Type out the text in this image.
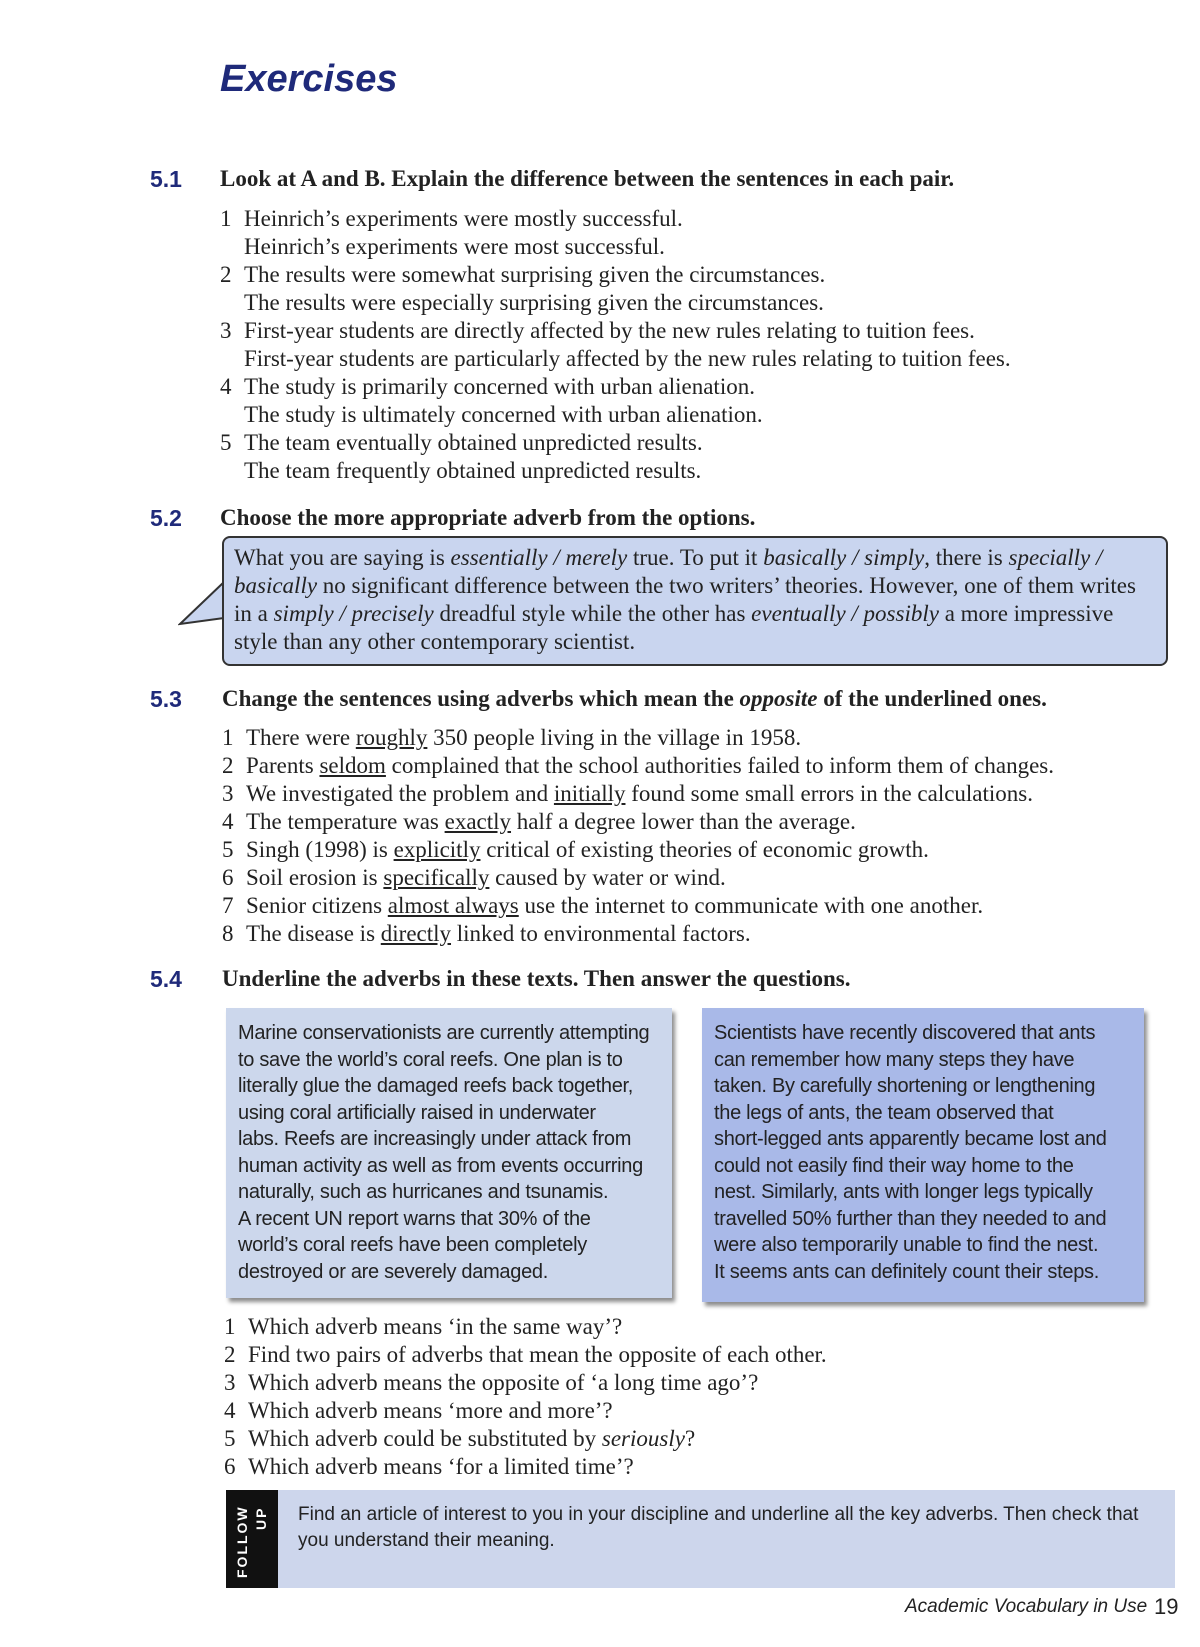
Exercises
5.1 Look at A and B. Explain the difference between the sentences in each pair.
1 Heinrich’s experiments were mostly successful.
Heinrich’s experiments were most successful.
2 The results were somewhat surprising given the circumstances.
The results were especially surprising given the circumstances.
3 First-year students are directly affected by the new rules relating to tuition fees.
First-year students are particularly affected by the new rules relating to tuition fees.
4 The study is primarily concerned with urban alienation.
The study is ultimately concerned with urban alienation.
5 The team eventually obtained unpredicted results.
The team frequently obtained unpredicted results.
5.2 Choose the more appropriate adverb from the options.
What you are saying is essentially / merely true. To put it basically / simply, there is specially / basically no significant difference between the two writers’ theories. However, one of them writes in a simply / precisely dreadful style while the other has eventually / possibly a more impressive style than any other contemporary scientist.
5.3 Change the sentences using adverbs which mean the opposite of the underlined ones.
1 There were roughly 350 people living in the village in 1958.
2 Parents seldom complained that the school authorities failed to inform them of changes.
3 We investigated the problem and initially found some small errors in the calculations.
4 The temperature was exactly half a degree lower than the average.
5 Singh (1998) is explicitly critical of existing theories of economic growth.
6 Soil erosion is specifically caused by water or wind.
7 Senior citizens almost always use the internet to communicate with one another.
8 The disease is directly linked to environmental factors.
5.4 Underline the adverbs in these texts. Then answer the questions.
Marine conservationists are currently attempting
to save the world’s coral reefs. One plan is to
literally glue the damaged reefs back together,
using coral artificially raised in underwater
labs. Reefs are increasingly under attack from
human activity as well as from events occurring
naturally, such as hurricanes and tsunamis.
A recent UN report warns that 30% of the
world’s coral reefs have been completely
destroyed or are severely damaged.
Scientists have recently discovered that ants
can remember how many steps they have
taken. By carefully shortening or lengthening
the legs of ants, the team observed that
short-legged ants apparently became lost and
could not easily find their way home to the
nest. Similarly, ants with longer legs typically
travelled 50% further than they needed to and
were also temporarily unable to find the nest.
It seems ants can definitely count their steps.
1 Which adverb means ‘in the same way’?
2 Find two pairs of adverbs that mean the opposite of each other.
3 Which adverb means the opposite of ‘a long time ago’?
4 Which adverb means ‘more and more’?
5 Which adverb could be substituted by seriously?
6 Which adverb means ‘for a limited time’?
FOLLOW UP Find an article of interest to you in your discipline and underline all the key adverbs. Then check that you understand their meaning.
Academic Vocabulary in Use 19
